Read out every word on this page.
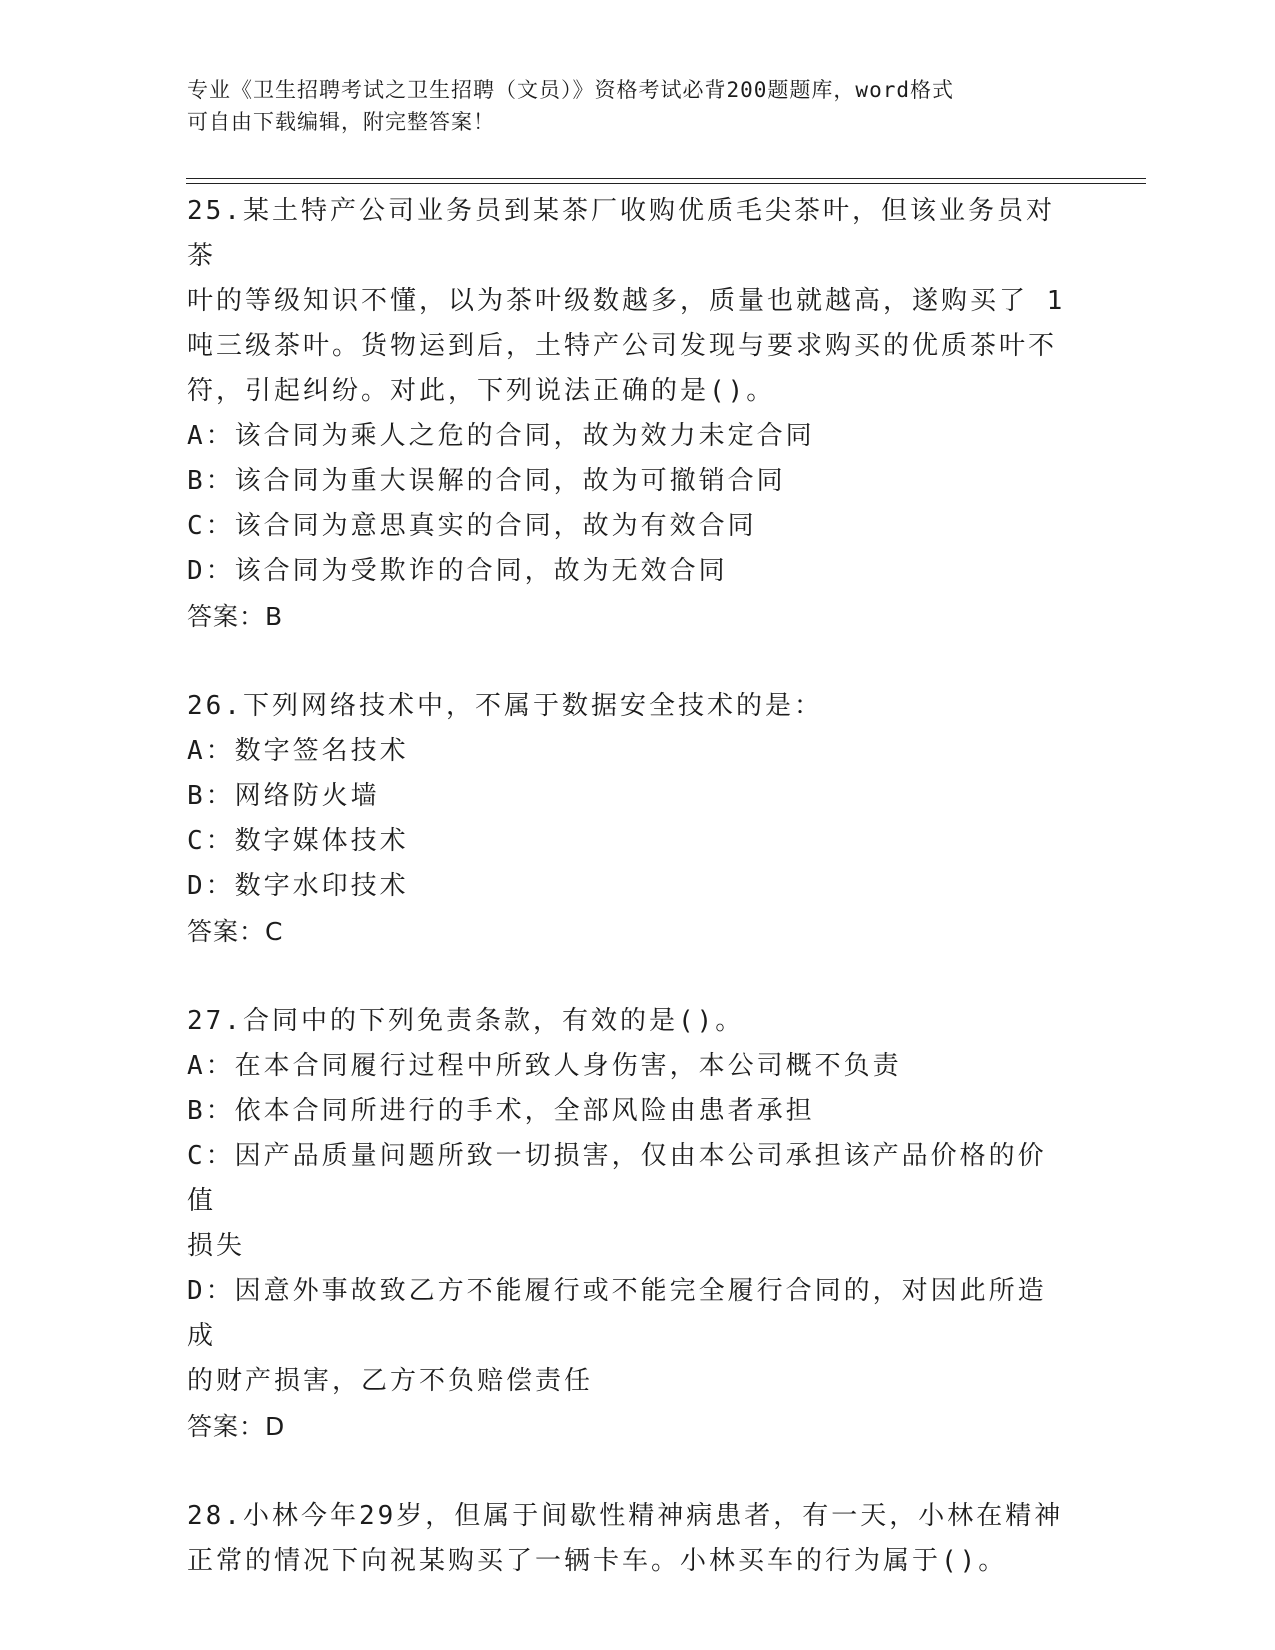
专业《卫生招聘考试之卫生招聘（文员）》资格考试必背200题题库，word格式
可自由下载编辑，附完整答案！
25.某土特产公司业务员到某茶厂收购优质毛尖茶叶，但该业务员对茶
叶的等级知识不懂，以为茶叶级数越多，质量也就越高，遂购买了 1
吨三级茶叶。货物运到后，土特产公司发现与要求购买的优质茶叶不
符，引起纠纷。对此，下列说法正确的是()。
A：该合同为乘人之危的合同，故为效力未定合同
B：该合同为重大误解的合同，故为可撤销合同
C：该合同为意思真实的合同，故为有效合同
D：该合同为受欺诈的合同，故为无效合同
答案：B
26.下列网络技术中，不属于数据安全技术的是：
A：数字签名技术
B：网络防火墙
C：数字媒体技术
D：数字水印技术
答案：C
27.合同中的下列免责条款，有效的是()。
A：在本合同履行过程中所致人身伤害，本公司概不负责
B：依本合同所进行的手术，全部风险由患者承担
C：因产品质量问题所致一切损害，仅由本公司承担该产品价格的价值
损失
D：因意外事故致乙方不能履行或不能完全履行合同的，对因此所造成
的财产损害，乙方不负赔偿责任
答案：D
28.小林今年29岁，但属于间歇性精神病患者，有一天，小林在精神
正常的情况下向祝某购买了一辆卡车。小林买车的行为属于()。
